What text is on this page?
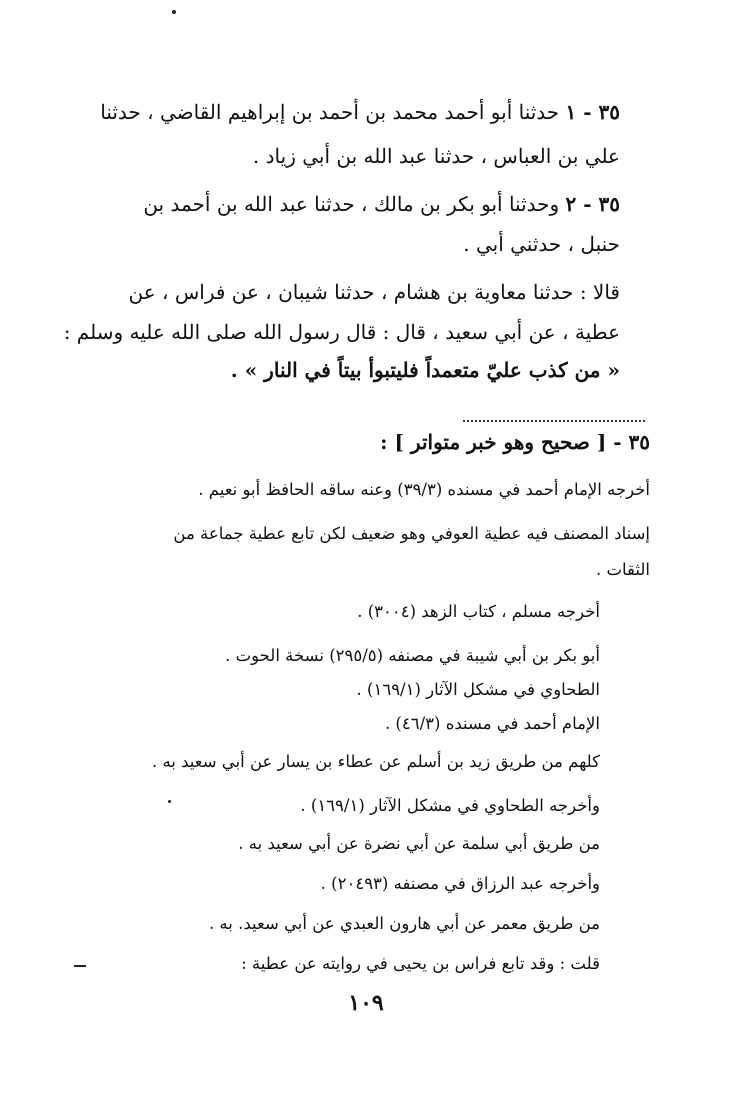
٣٥ - ١ حدثنا أبو أحمد محمد بن أحمد بن إبراهيم القاضي ، حدثنا
علي بن العباس ، حدثنا عبد الله بن أبي زياد .
٣٥ - ٢ وحدثنا أبو بكر بن مالك ، حدثنا عبد الله بن أحمد بن
حنبل ، حدثني أبي .
قالا : حدثنا معاوية بن هشام ، حدثنا شيبان ، عن فراس ، عن
عطية ، عن أبي سعيد ، قال : قال رسول الله صلى الله عليه وسلم :
« من كذب عليّ متعمداً فليتبوأ بيتاً في النار » .
٣٥ - [ صحيح وهو خبر متواتر ] :
أخرجه الإمام أحمد في مسنده (٣٩/٣) وعنه ساقه الحافظ أبو نعيم .
إسناد المصنف فيه عطية العوفي وهو ضعيف لكن تابع عطية جماعة من
الثقات .
أخرجه مسلم ، كتاب الزهد (٣٠٠٤) .
أبو بكر بن أبي شيبة في مصنفه (٢٩٥/٥) نسخة الحوت .
الطحاوي في مشكل الآثار (١٦٩/١) .
الإمام أحمد في مسنده (٤٦/٣) .
كلهم من طريق زيد بن أسلم عن عطاء بن يسار عن أبي سعيد به .
وأخرجه الطحاوي في مشكل الآثار (١٦٩/١) .
من طريق أبي سلمة عن أبي نضرة عن أبي سعيد به .
وأخرجه عبد الرزاق في مصنفه (٢٠٤٩٣) .
من طريق معمر عن أبي هارون العبدي عن أبي سعيد. به .
قلت : وقد تابع فراس بن يحيى في روايته عن عطية :
١٠٩
